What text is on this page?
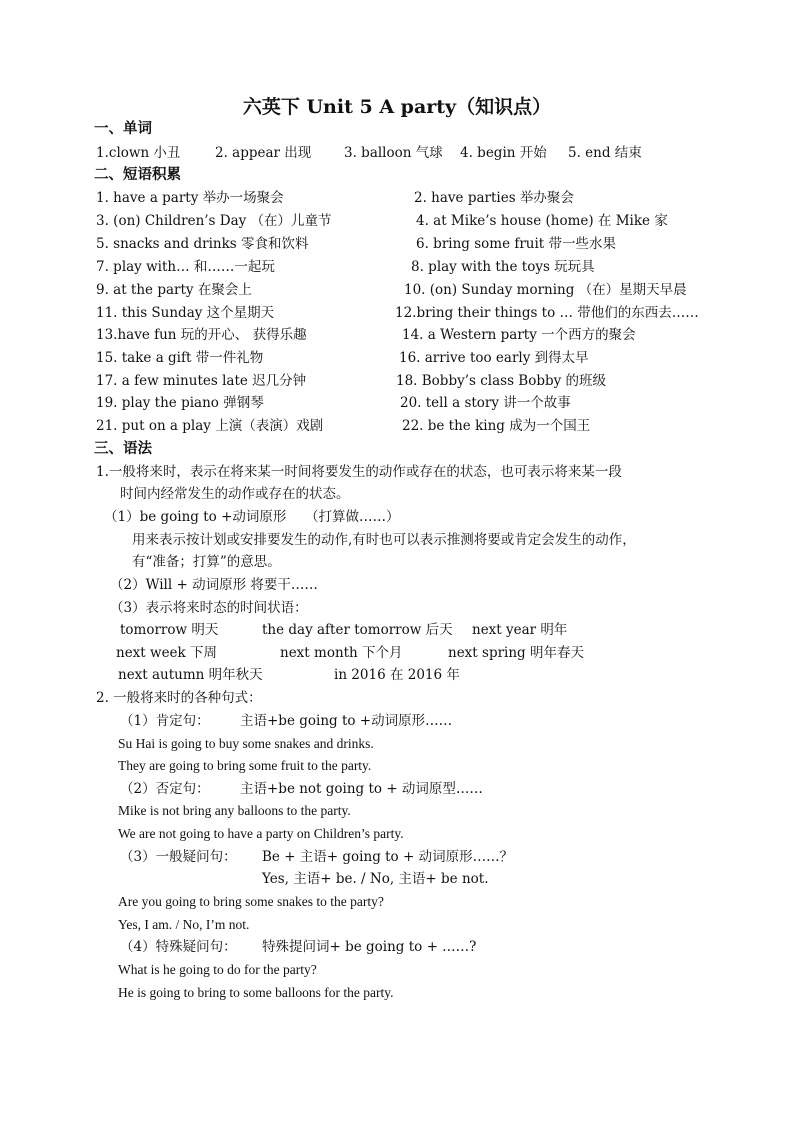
六英下 Unit 5 A party（知识点）
一、单词
1.clown 小丑	2. appear 出现 3. balloon 气球 4. begin 开始 5. end 结束
二、短语积累
1. have a party 举办一场聚会	2. have parties 举办聚会
3. (on) Children’s Day （在）儿童节	4. at Mike’s house (home) 在 Mike 家
5. snacks and drinks 零食和饮料	6. bring some fruit 带一些水果
7. play with… 和……一起玩	8. play with the toys 玩玩具
9. at the party 在聚会上	10. (on) Sunday morning （在）星期天早晨
11. this Sunday 这个星期天	12.bring their things to … 带他们的东西去……
13.have fun 玩的开心、 获得乐趣	14. a Western party 一个西方的聚会
15. take a gift 带一件礼物	16. arrive too early 到得太早
17. a few minutes late 迟几分钟	18. Bobby’s class Bobby 的班级
19. play the piano 弹钢琴	20. tell a story 讲一个故事
21. put on a play 上演（表演）戏剧	22. be the king 成为一个国王
三、语法
1.一般将来时，表示在将来某一时间将要发生的动作或存在的状态，也可表示将来某一段
时间内经常发生的动作或存在的状态。
（1）be going to +动词原形 （打算做……）
用来表示按计划或安排要发生的动作,有时也可以表示推测将要或肯定会发生的动作，
有“准备；打算”的意思。
（2）Will + 动词原形 将要干……
（3）表示将来时态的时间状语：
tomorrow 明天	the day after tomorrow 后天 next year 明年
next week 下周	next month 下个月	next spring 明年春天
next autumn 明年秋天	in 2016 在 2016 年
2. 一般将来时的各种句式：
（1）肯定句： 主语+be going to +动词原形……
Su Hai is going to buy some snakes and drinks.
They are going to bring some fruit to the party.
（2）否定句： 主语+be not going to + 动词原型……
Mike is not bring any balloons to the party.
We are not going to have a party on Children’s party.
（3）一般疑问句： Be + 主语+ going to + 动词原形……？
Yes, 主语+ be. / No, 主语+ be not.
Are you going to bring some snakes to the party?
Yes, I am. / No, I’m not.
（4）特殊疑问句： 特殊提问词+ be going to + ……?
What is he going to do for the party?
He is going to bring to some balloons for the party.
